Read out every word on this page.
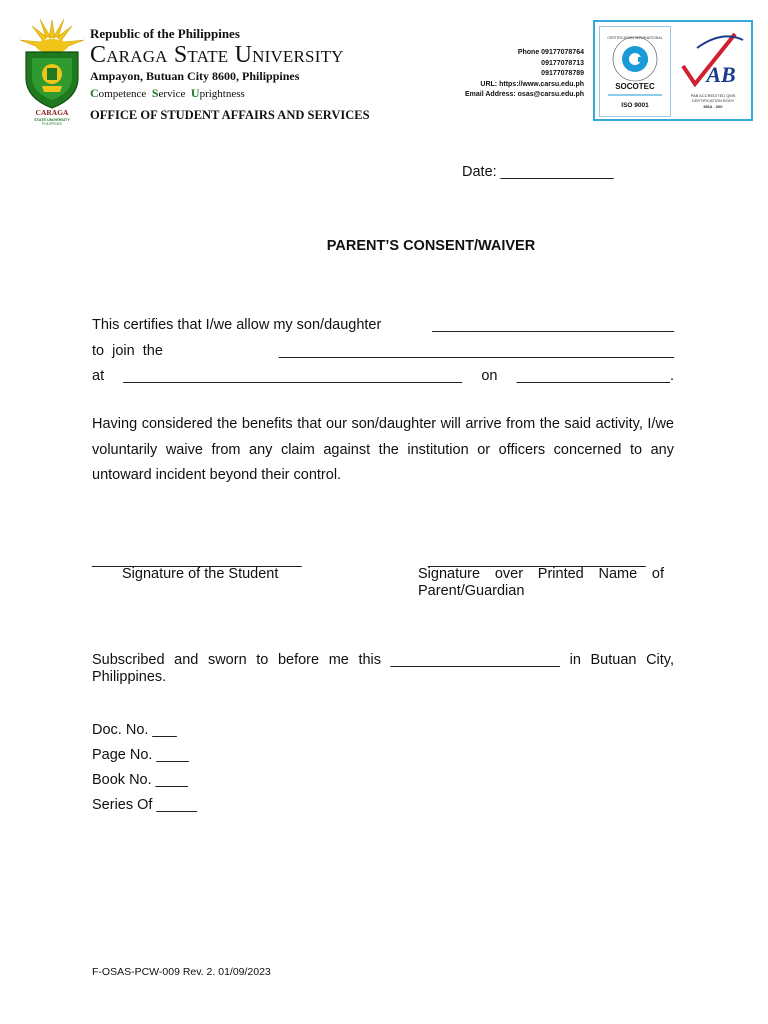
CARAGA
STATE UNIVERSITY
PHILIPPINES
Republic of the Philippines
Caraga State University
Ampayon, Butuan City 8600, Philippines
Competence Service Uprightness
OFFICE OF STUDENT AFFAIRS AND SERVICES
Phone 09177078764
09177078713
09177078789
URL: https://www.carsu.edu.ph
Email Address: osas@carsu.edu.ph
CERTIFICATION INTERNATIONAL
SOCOTEC
ISO 9001
AB
PAB ACCREDITED QMS
CERTIFICATION BODY
MSA - 000
Date: ______________
PARENT’S CONSENT/WAIVER
This certifies that I/we allow my son/daughter	______________________________
to  join  the	_________________________________________________
at __________________________________________ on ___________________.
Having considered the benefits that our son/daughter will arrive from the said activity, I/we voluntarily waive from any claim against the institution or officers concerned to any untoward incident beyond their control.
__________________________	___________________________
Signature of the Student	Signature over Printed Name of Parent/Guardian
Subscribed and sworn to before me this _____________________ in Butuan City, Philippines.
Doc. No. ___
Page No. ____
Book No. ____
Series Of _____
F-OSAS-PCW-009 Rev. 2. 01/09/2023
